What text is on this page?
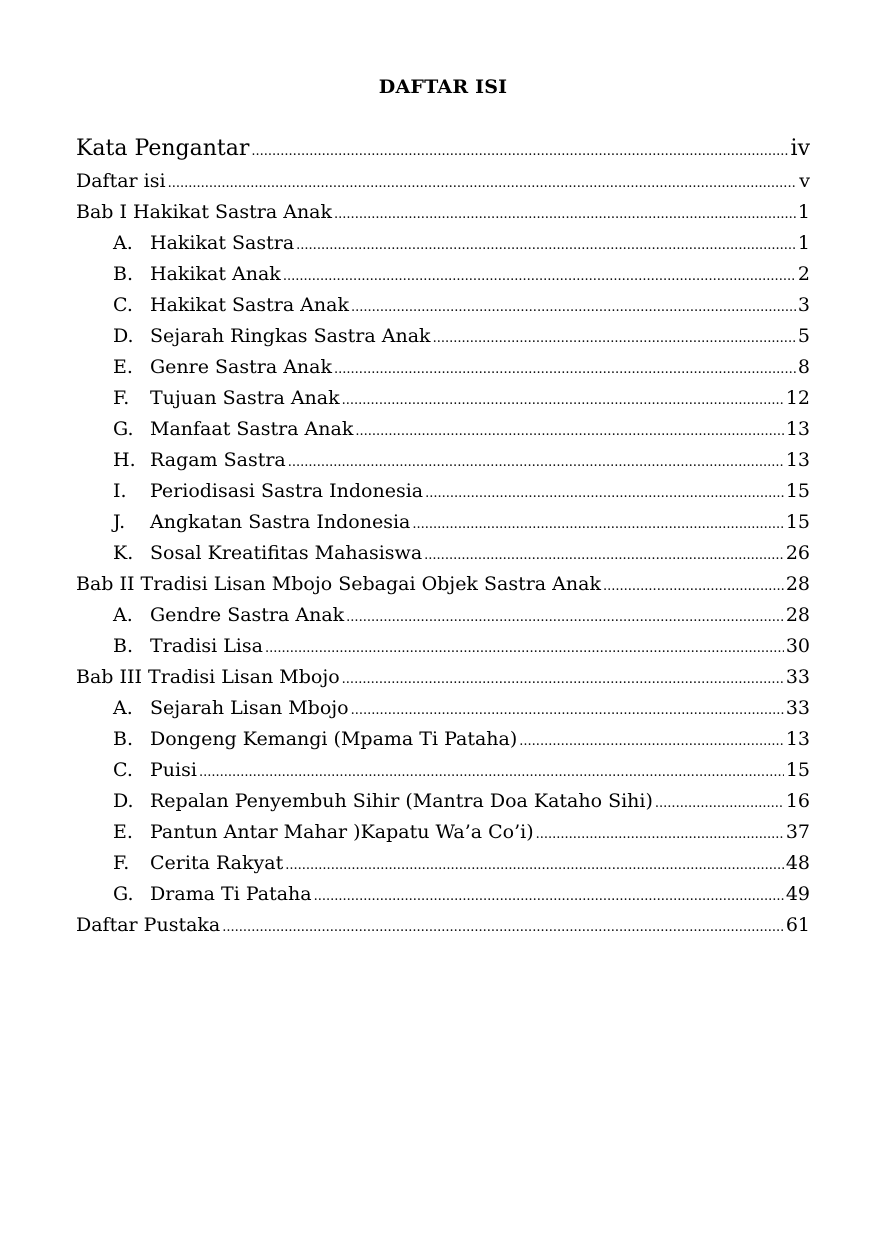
DAFTAR ISI
Kata Pengantar .....	iv
Daftar isi .....	v
Bab I Hakikat Sastra Anak .....	1
A. Hakikat Sastra .....	1
B. Hakikat Anak .....	2
C. Hakikat Sastra Anak .....	3
D. Sejarah Ringkas Sastra Anak .....	5
E. Genre Sastra Anak .....	8
F.	Tujuan Sastra Anak .....	12
G. Manfaat Sastra Anak .....	13
H. Ragam Sastra .....	13
I.	Periodisasi Sastra Indonesia .....	15
J.	Angkatan Sastra Indonesia .....	15
K. Sosal Kreatifitas Mahasiswa .....	26
Bab II Tradisi Lisan Mbojo Sebagai Objek Sastra Anak .....	28
A. Gendre Sastra Anak .....	28
B. Tradisi Lisa .....	30
Bab III Tradisi Lisan Mbojo .....	33
A. Sejarah Lisan Mbojo .....	33
B. Dongeng Kemangi (Mpama Ti Pataha) .....	13
C. Puisi .....	15
D. Repalan Penyembuh Sihir (Mantra Doa Kataho Sihi) .....	16
E. Pantun Antar Mahar )Kapatu Wa’a Co’i) .....	37
F.	Cerita Rakyat .....	48
G. Drama Ti Pataha .....	49
Daftar Pustaka .....	61
